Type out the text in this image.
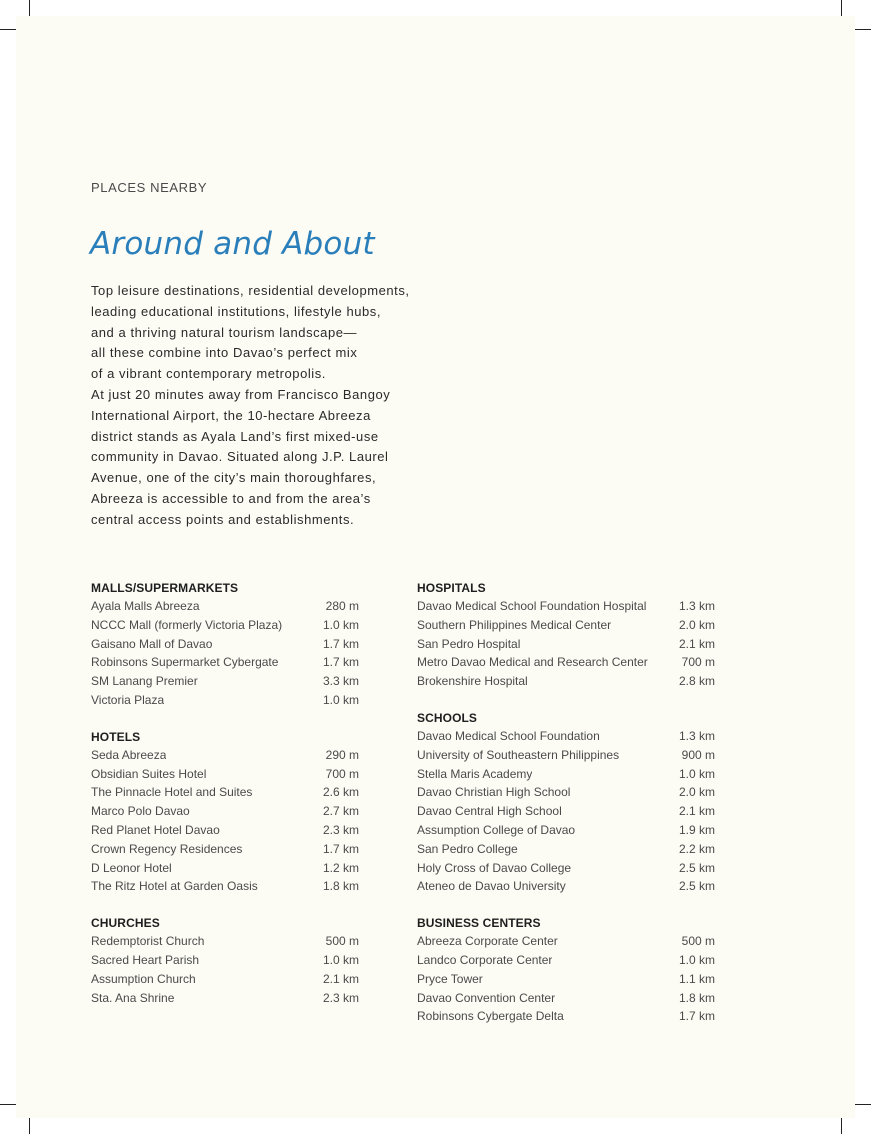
PLACES NEARBY
Around and About
Top leisure destinations, residential developments,
leading educational institutions, lifestyle hubs,
and a thriving natural tourism landscape—
all these combine into Davao’s perfect mix
of a vibrant contemporary metropolis.
At just 20 minutes away from Francisco Bangoy
International Airport, the 10-hectare Abreeza
district stands as Ayala Land’s first mixed-use
community in Davao. Situated along J.P. Laurel
Avenue, one of the city’s main thoroughfares,
Abreeza is accessible to and from the area’s
central access points and establishments.
MALLS/SUPERMARKETS
Ayala Malls Abreeza	280 m
NCCC Mall (formerly Victoria Plaza)	1.0 km
Gaisano Mall of Davao	1.7 km
Robinsons Supermarket Cybergate	1.7 km
SM Lanang Premier	3.3 km
Victoria Plaza	1.0 km
HOTELS
Seda Abreeza	290 m
Obsidian Suites Hotel	700 m
The Pinnacle Hotel and Suites	2.6 km
Marco Polo Davao	2.7 km
Red Planet Hotel Davao	2.3 km
Crown Regency Residences	1.7 km
D Leonor Hotel	1.2 km
The Ritz Hotel at Garden Oasis	1.8 km
CHURCHES
Redemptorist Church	500 m
Sacred Heart Parish	1.0 km
Assumption Church	2.1 km
Sta. Ana Shrine	2.3 km
HOSPITALS
Davao Medical School Foundation Hospital	1.3 km
Southern Philippines Medical Center	2.0 km
San Pedro Hospital	2.1 km
Metro Davao Medical and Research Center	700 m
Brokenshire Hospital	2.8 km
SCHOOLS
Davao Medical School Foundation	1.3 km
University of Southeastern Philippines	900 m
Stella Maris Academy	1.0 km
Davao Christian High School	2.0 km
Davao Central High School	2.1 km
Assumption College of Davao	1.9 km
San Pedro College	2.2 km
Holy Cross of Davao College	2.5 km
Ateneo de Davao University	2.5 km
BUSINESS CENTERS
Abreeza Corporate Center	500 m
Landco Corporate Center	1.0 km
Pryce Tower	1.1 km
Davao Convention Center	1.8 km
Robinsons Cybergate Delta	1.7 km
